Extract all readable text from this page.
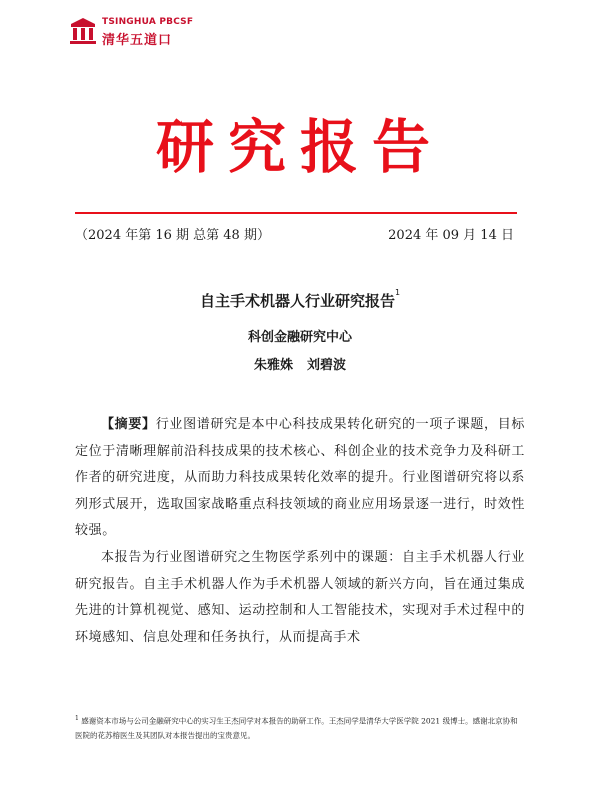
TSINGHUA PBCSF
清华五道口
研究报告
（2024 年第 16 期 总第 48 期）	2024 年 09 月 14 日
自主手术机器人行业研究报告$^1$
科创金融研究中心
朱雅姝 刘碧波

【摘要】行业图谱研究是本中心科技成果转化研究的一项子课题，目标定位于清晰理解前沿科技成果的技术核心、科创企业的技术竞争力及科研工作者的研究进度，从而助力科技成果转化效率的提升。行业图谱研究将以系列形式展开，选取国家战略重点科技领域的商业应用场景逐一进行，时效性较强。

本报告为行业图谱研究之生物医学系列中的课题：自主手术机器人行业研究报告。自主手术机器人作为手术机器人领域的新兴方向，旨在通过集成先进的计算机视觉、感知、运动控制和人工智能技术，实现对手术过程中的环境感知、信息处理和任务执行，从而提高手术

$^1$ 感谢资本市场与公司金融研究中心的实习生王杰同学对本报告的助研工作。王杰同学是清华大学医学院 2021 级博士。感谢北京协和医院的花苏榕医生及其团队对本报告提出的宝贵意见。
